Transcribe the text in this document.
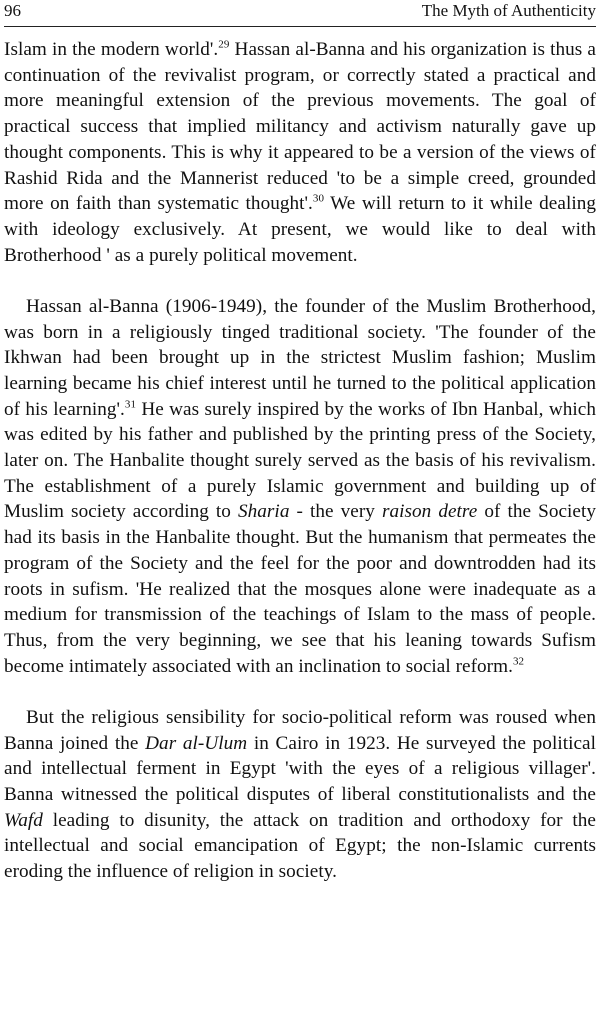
96	The Myth of Authenticity

Islam in the modern world'.$^{29}$ Hassan al-Banna and his organization is thus a continuation of the revivalist program, or correctly stated a practical and more meaningful extension of the previous movements. The goal of practical success that implied militancy and activism naturally gave up thought components. This is why it appeared to be a version of the views of Rashid Rida and the Mannerist reduced 'to be a simple creed, grounded more on faith than systematic thought'.$^{30}$ We will return to it while dealing with ideology exclusively. At present, we would like to deal with Brotherhood ' as a purely political movement.

Hassan al-Banna (1906-1949), the founder of the Muslim Brotherhood, was born in a religiously tinged traditional society. 'The founder of the Ikhwan had been brought up in the strictest Muslim fashion; Muslim learning became his chief interest until he turned to the political application of his learning'.$^{31}$ He was surely inspired by the works of Ibn Hanbal, which was edited by his father and published by the printing press of the Society, later on. The Hanbalite thought surely served as the basis of his revivalism. The establishment of a purely Islamic government and building up of Muslim society according to Sharia - the very raison detre of the Society had its basis in the Hanbalite thought. But the humanism that permeates the program of the Society and the feel for the poor and downtrodden had its roots in sufism. 'He realized that the mosques alone were inadequate as a medium for transmission of the teachings of Islam to the mass of people. Thus, from the very beginning, we see that his leaning towards Sufism become intimately associated with an inclination to social reform.$^{32}$

But the religious sensibility for socio-political reform was roused when Banna joined the Dar al-Ulum in Cairo in 1923. He surveyed the political and intellectual ferment in Egypt 'with the eyes of a religious villager'. Banna witnessed the political disputes of liberal constitutionalists and the Wafd leading to disunity, the attack on tradition and orthodoxy for the intellectual and social emancipation of Egypt; the non-Islamic currents eroding the influence of religion in society.
